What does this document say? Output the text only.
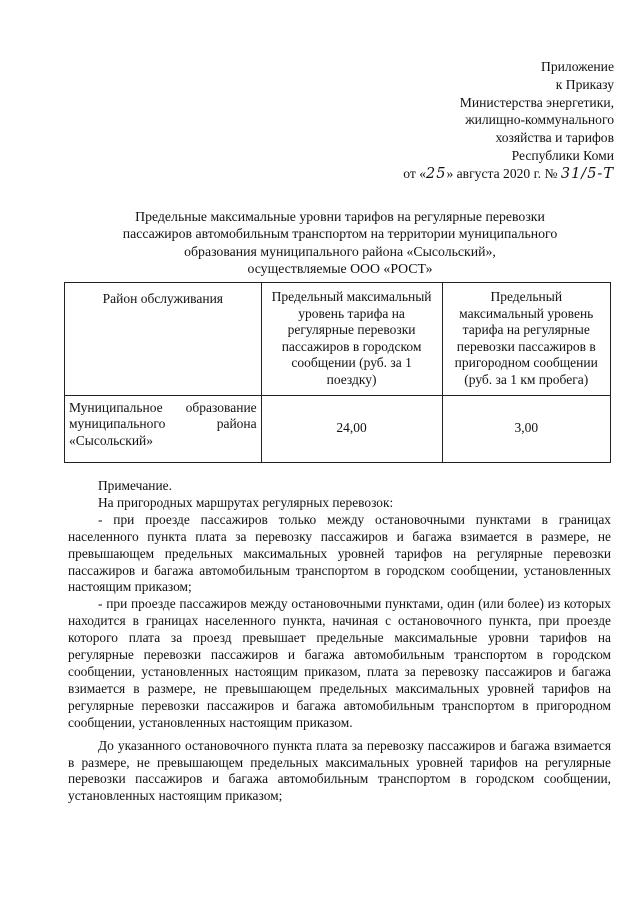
Приложение
к Приказу
Министерства энергетики,
жилищно-коммунального
хозяйства и тарифов
Республики Коми
от «25» августа 2020 г. № 31/5-Т
Предельные максимальные уровни тарифов на регулярные перевозки
пассажиров автомобильным транспортом на территории муниципального
образования муниципального района «Сысольский»,
осуществляемые ООО «РОСТ»
Район обслуживания	Предельный максимальный уровень тарифа на регулярные перевозки пассажиров в городском сообщении (руб. за 1 поездку)	Предельный максимальный уровень тарифа на регулярные перевозки пассажиров в пригородном сообщении (руб. за 1 км пробега)
Муниципальное образование муниципального района «Сысольский»	24,00	3,00

Примечание.

На пригородных маршрутах регулярных перевозок:

- при проезде пассажиров только между остановочными пунктами в границах населенного пункта плата за перевозку пассажиров и багажа взимается в размере, не превышающем предельных максимальных уровней тарифов на регулярные перевозки пассажиров и багажа автомобильным транспортом в городском сообщении, установленных настоящим приказом;

- при проезде пассажиров между остановочными пунктами, один (или более) из которых находится в границах населенного пункта, начиная с остановочного пункта, при проезде которого плата за проезд превышает предельные максимальные уровни тарифов на регулярные перевозки пассажиров и багажа автомобильным транспортом в городском сообщении, установленных настоящим приказом, плата за перевозку пассажиров и багажа взимается в размере, не превышающем предельных максимальных уровней тарифов на регулярные перевозки пассажиров и багажа автомобильным транспортом в пригородном сообщении, установленных настоящим приказом.

До указанного остановочного пункта плата за перевозку пассажиров и багажа взимается в размере, не превышающем предельных максимальных уровней тарифов на регулярные перевозки пассажиров и багажа автомобильным транспортом в городском сообщении, установленных настоящим приказом;
